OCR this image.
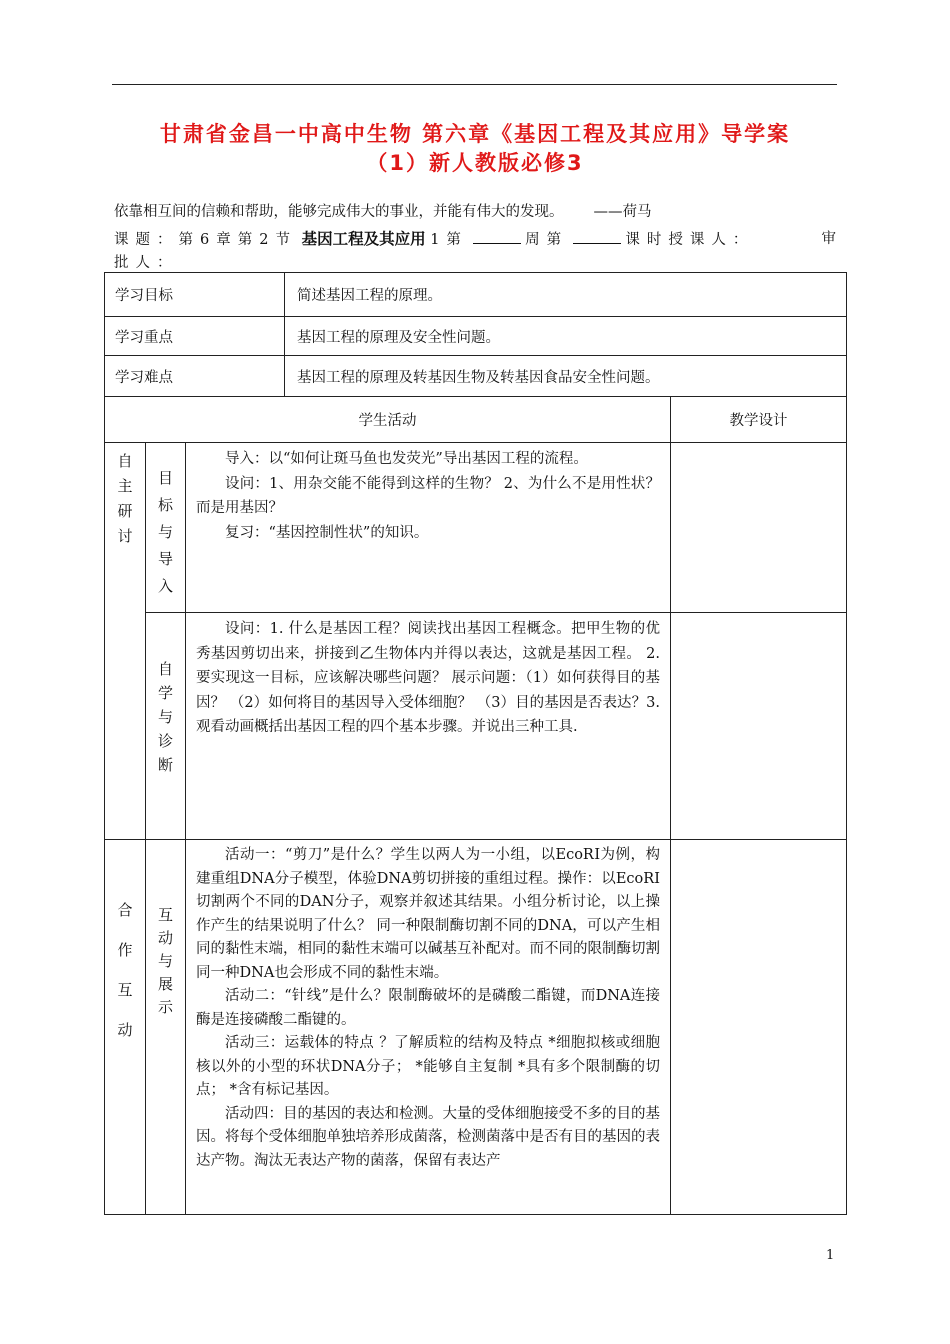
甘肃省金昌一中高中生物 第六章《基因工程及其应用》导学案
（1）新人教版必修3
依靠相互间的信赖和帮助，能够完成伟大的事业，并能有伟大的发现。 ——荷马
课题：第6章第2节 基因工程及其应用 1第	周第	课时授课人：	审
批人：
学习目标			简述基因工程的原理。	
学习重点			基因工程的原理及安全性问题。	
学习难点			基因工程的原理及转基因生物及转基因食品安全性问题。	
学生活动				教学设计

自主研讨	目标与导入	导入：以“如何让斑马鱼也发荧光”导出基因工程的流程。

设问：1、用杂交能不能得到这样的生物？ 2、为什么不是用性状？而是用基因？

复习：“基因控制性状”的知识。		

	自学与诊断	设问：1. 什么是基因工程？阅读找出基因工程概念。把甲生物的优秀基因剪切出来，拼接到乙生物体内并得以表达，这就是基因工程。 2. 要实现这一目标，应该解决哪些问题？ 展示问题：（1）如何获得目的基因？ （2）如何将目的基因导入受体细胞？ （3）目的基因是否表达？3. 观看动画概括出基因工程的四个基本步骤。并说出三种工具.		

合作互动	互动与展示	活动一：“剪刀”是什么？学生以两人为一小组，以EcoRⅠ为例，构建重组DNA分子模型，体验DNA剪切拼接的重组过程。操作：以EcoRⅠ切割两个不同的DAN分子，观察并叙述其结果。小组分析讨论，以上操作产生的结果说明了什么？ 同一种限制酶切割不同的DNA，可以产生相同的黏性末端，相同的黏性末端可以碱基互补配对。而不同的限制酶切割同一种DNA也会形成不同的黏性末端。

活动二：“针线”是什么？限制酶破坏的是磷酸二酯键，而DNA连接酶是连接磷酸二酯键的。

活动三：运载体的特点 ？了解质粒的结构及特点 *细胞拟核或细胞核以外的小型的环状DNA分子； *能够自主复制 *具有多个限制酶的切点； *含有标记基因。

活动四：目的基因的表达和检测。大量的受体细胞接受不多的目的基因。将每个受体细胞单独培养形成菌落，检测菌落中是否有目的基因的表达产物。淘汰无表达产物的菌落，保留有表达产		

1
